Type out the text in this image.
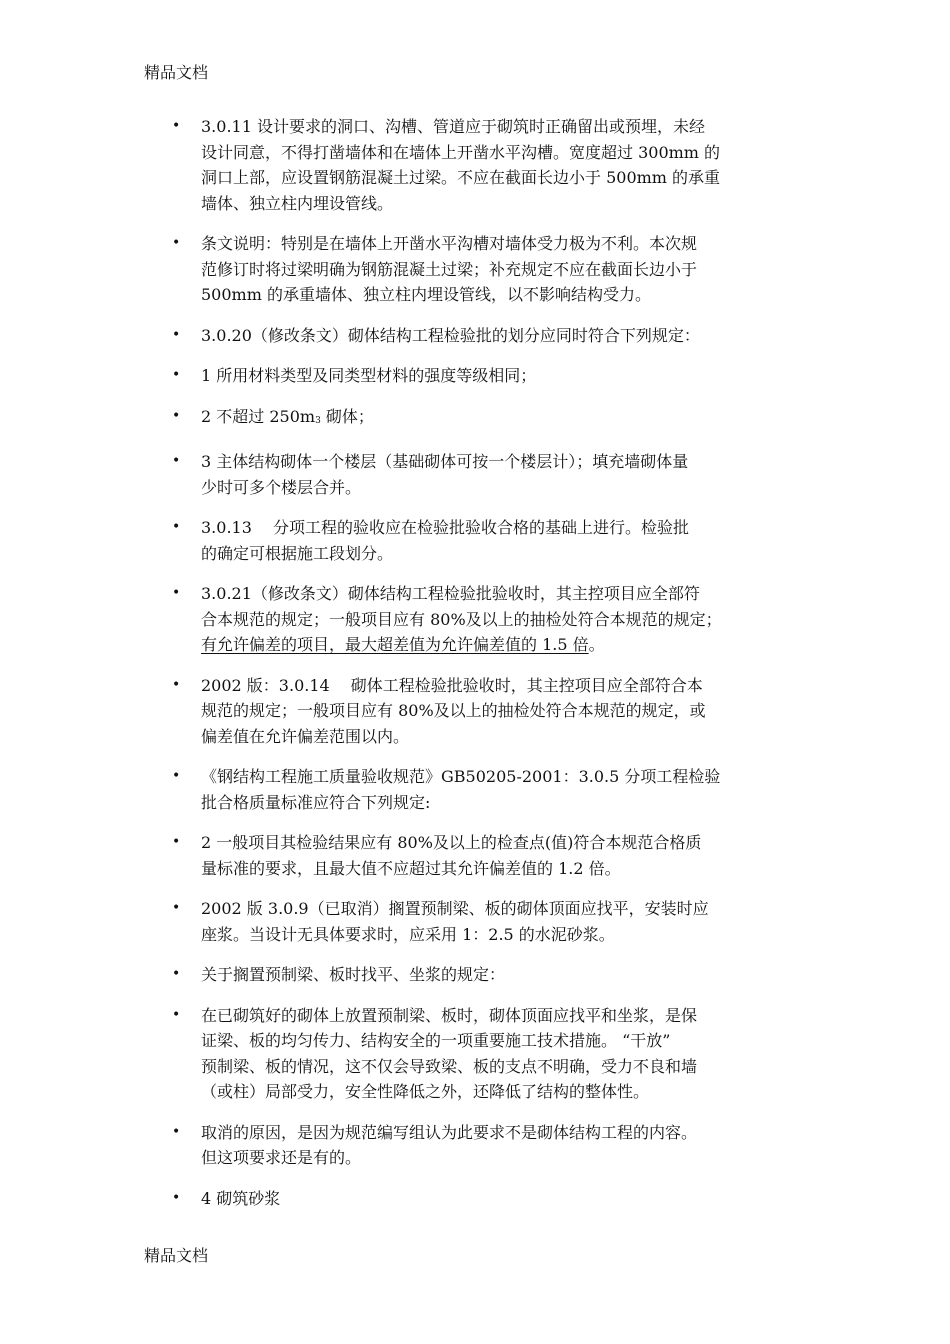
精品文档
• 3.0.11 设计要求的洞口、沟槽、管道应于砌筑时正确留出或预埋，未经
设计同意，不得打凿墙体和在墙体上开凿水平沟槽。宽度超过 300mm 的
洞口上部，应设置钢筋混凝土过梁。不应在截面长边小于 500mm 的承重
墙体、独立柱内埋设管线。
• 条文说明：特别是在墙体上开凿水平沟槽对墙体受力极为不利。本次规
范修订时将过梁明确为钢筋混凝土过梁；补充规定不应在截面长边小于
500mm 的承重墙体、独立柱内埋设管线，以不影响结构受力。
• 3.0.20（修改条文）砌体结构工程检验批的划分应同时符合下列规定：
• 1 所用材料类型及同类型材料的强度等级相同；
• 2 不超过 250m3 砌体；
• 3 主体结构砌体一个楼层（基础砌体可按一个楼层计）；填充墙砌体量
少时可多个楼层合并。
• 3.0.13　 分项工程的验收应在检验批验收合格的基础上进行。检验批
的确定可根据施工段划分。
• 3.0.21（修改条文）砌体结构工程检验批验收时，其主控项目应全部符
合本规范的规定；一般项目应有 80%及以上的抽检处符合本规范的规定；
有允许偏差的项目，最大超差值为允许偏差值的 1.5 倍。
• 2002 版：3.0.14　 砌体工程检验批验收时，其主控项目应全部符合本
规范的规定；一般项目应有 80%及以上的抽检处符合本规范的规定，或
偏差值在允许偏差范围以内。
• 《钢结构工程施工质量验收规范》GB50205-2001：3.0.5 分项工程检验
批合格质量标准应符合下列规定:
• 2 一般项目其检验结果应有 80%及以上的检查点(值)符合本规范合格质
量标准的要求，且最大值不应超过其允许偏差值的 1.2 倍。
• 2002 版 3.0.9（已取消）搁置预制梁、板的砌体顶面应找平，安装时应
座浆。当设计无具体要求时，应采用 1：2.5 的水泥砂浆。
• 关于搁置预制梁、板时找平、坐浆的规定：
• 在已砌筑好的砌体上放置预制梁、板时，砌体顶面应找平和坐浆，是保
证梁、板的均匀传力、结构安全的一项重要施工技术措施。 “干放”
预制梁、板的情况，这不仅会导致梁、板的支点不明确，受力不良和墙
（或柱）局部受力，安全性降低之外，还降低了结构的整体性。
• 取消的原因，是因为规范编写组认为此要求不是砌体结构工程的内容。
但这项要求还是有的。
• 4 砌筑砂浆
精品文档
